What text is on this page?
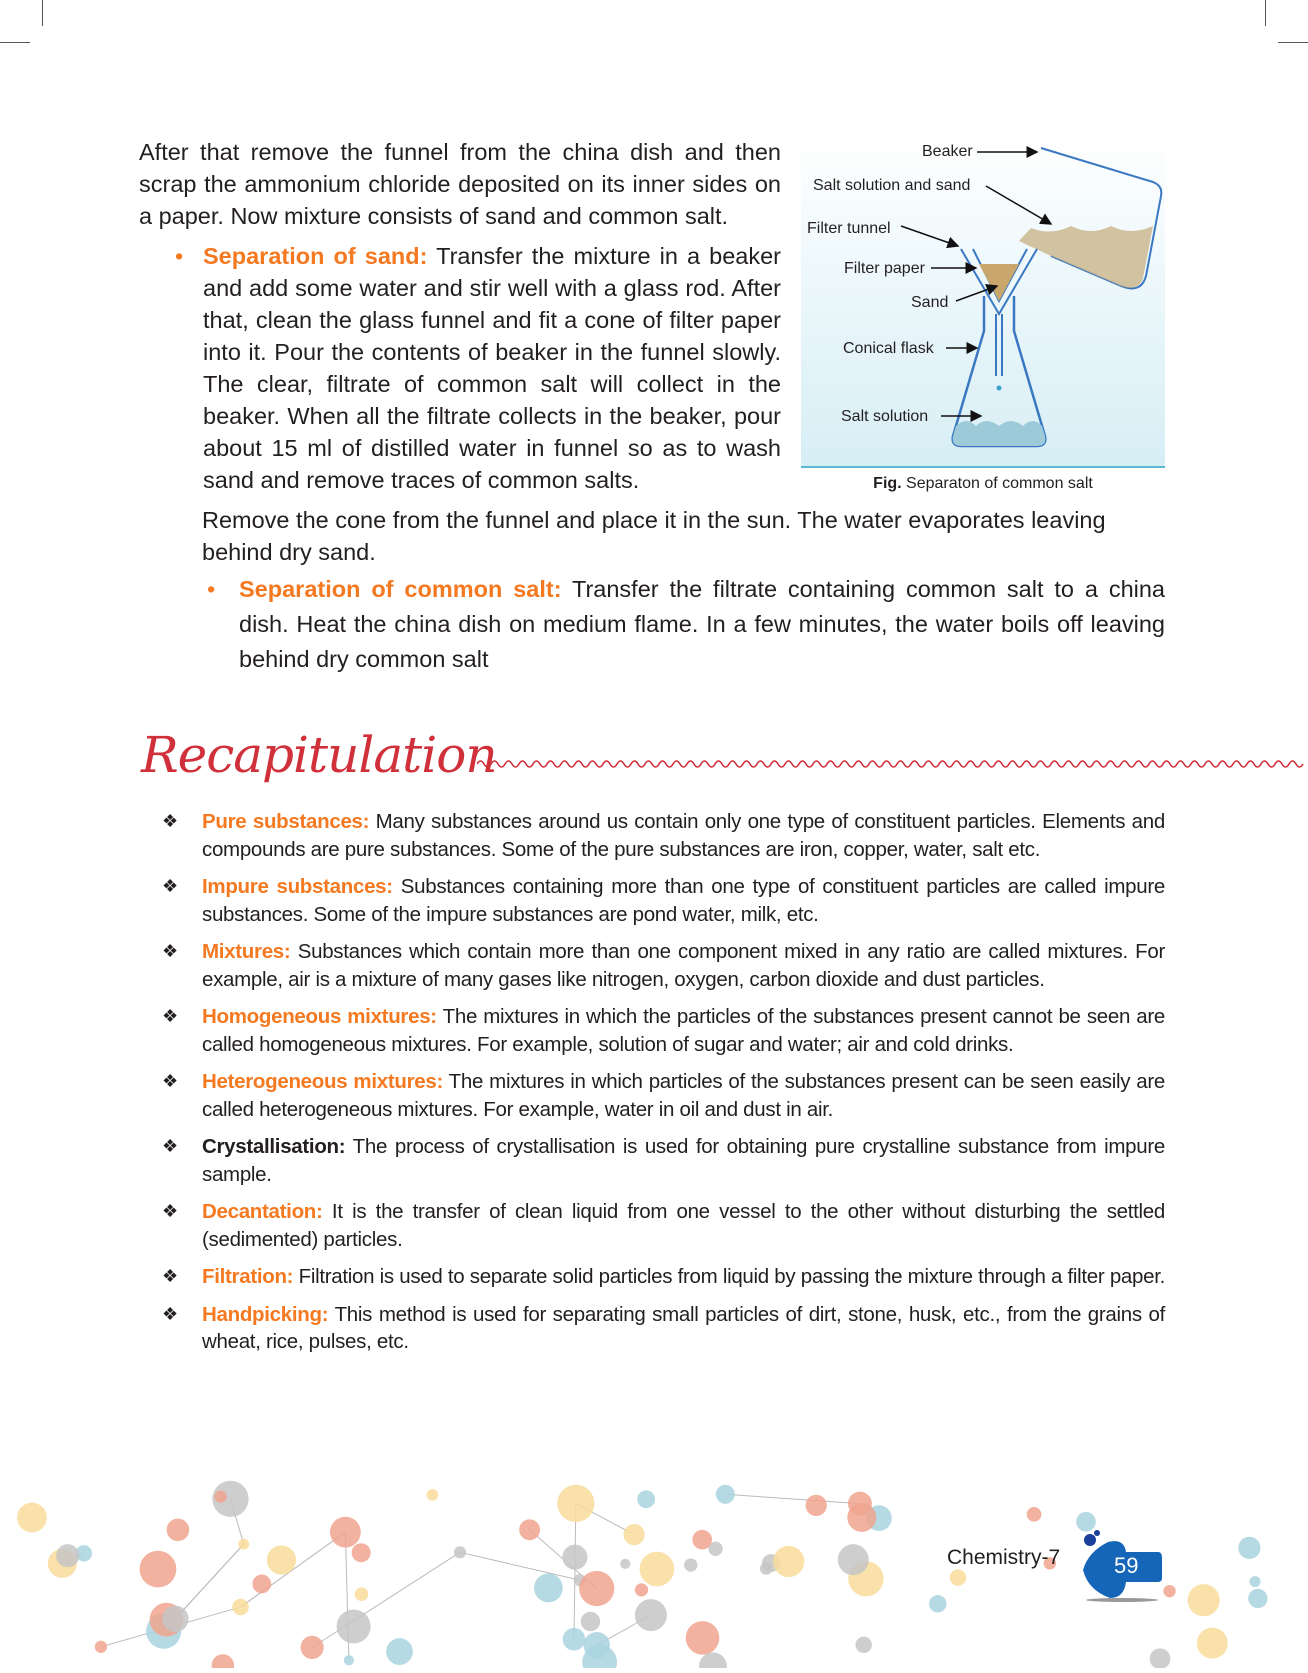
Beaker
Salt solution and sand
Filter tunnel
Filter paper
Sand
Conical flask
Salt solution
Fig. Separaton of common salt

After that remove the funnel from the china dish and then scrap the ammonium chloride deposited on its inner sides on a paper. Now mixture consists of sand and common salt.

• Separation of sand: Transfer the mixture in a beaker and add some water and stir well with a glass rod. After that, clean the glass funnel and fit a cone of filter paper into it. Pour the contents of beaker in the funnel slowly. The clear, filtrate of common salt will collect in the beaker. When all the filtrate collects in the beaker, pour about 15 ml of distilled water in funnel so as to wash sand and remove traces of common salts.

Remove the cone from the funnel and place it in the sun. The water evaporates leaving behind dry sand.

• Separation of common salt: Transfer the filtrate containing common salt to a china dish. Heat the china dish on medium flame. In a few minutes, the water boils off leaving behind dry common salt

Recapitulation
❖ Pure substances: Many substances around us contain only one type of constituent particles. Elements and compounds are pure substances. Some of the pure substances are iron, copper, water, salt etc.
❖ Impure substances: Substances containing more than one type of constituent particles are called impure substances. Some of the impure substances are pond water, milk, etc.
❖ Mixtures: Substances which contain more than one component mixed in any ratio are called mixtures. For example, air is a mixture of many gases like nitrogen, oxygen, carbon dioxide and dust particles.
❖ Homogeneous mixtures: The mixtures in which the particles of the substances present cannot be seen are called homogeneous mixtures. For example, solution of sugar and water; air and cold drinks.
❖ Heterogeneous mixtures: The mixtures in which particles of the substances present can be seen easily are called heterogeneous mixtures. For example, water in oil and dust in air.
❖ Crystallisation: The process of crystallisation is used for obtaining pure crystalline substance from impure sample.
❖ Decantation: It is the transfer of clean liquid from one vessel to the other without disturbing the settled (sedimented) particles.
❖ Filtration: Filtration is used to separate solid particles from liquid by passing the mixture through a filter paper.
❖ Handpicking: This method is used for separating small particles of dirt, stone, husk, etc., from the grains of wheat, rice, pulses, etc.
Chemistry-7 59
